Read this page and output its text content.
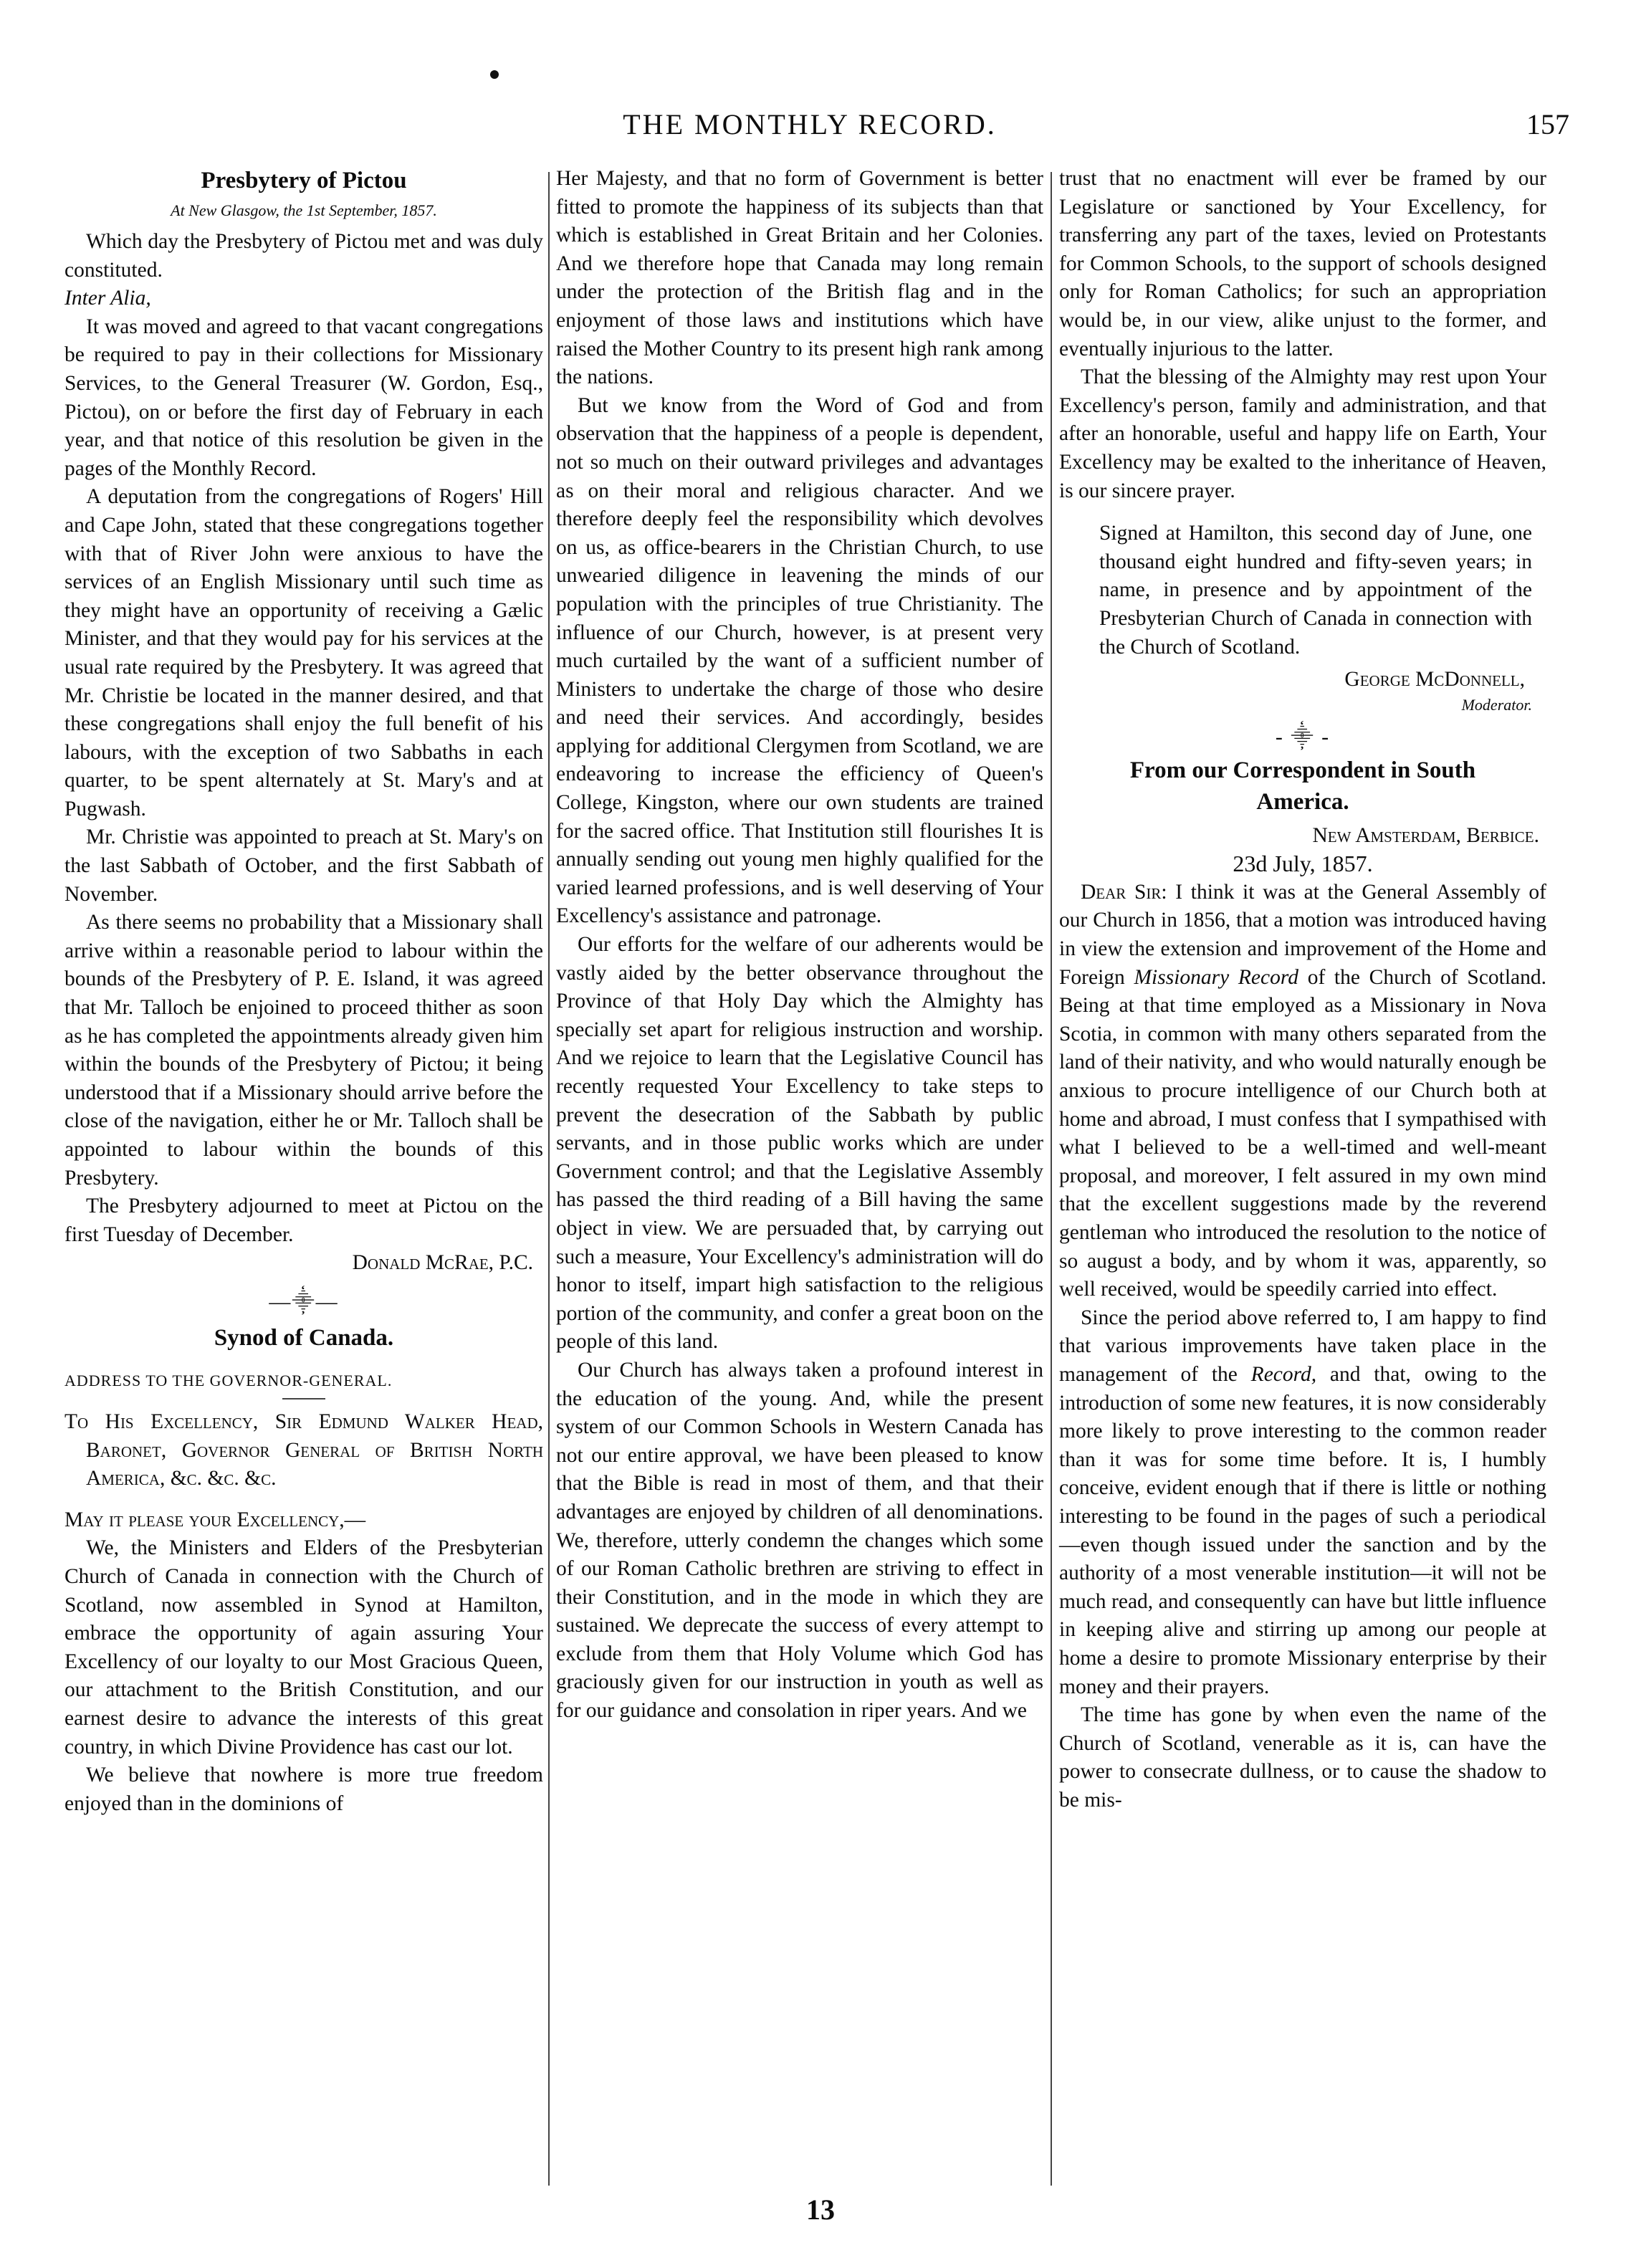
THE MONTHLY RECORD.	157

Presbytery of Pictou

At New Glasgow, the 1st September, 1857.

Which day the Presbytery of Pictou met and was duly constituted.

Inter Alia,

It was moved and agreed to that vacant congregations be required to pay in their collections for Missionary Services, to the General Treasurer (W. Gordon, Esq., Pictou), on or before the first day of February in each year, and that notice of this resolution be given in the pages of the Monthly Record.

A deputation from the congregations of Rogers' Hill and Cape John, stated that these congregations together with that of River John were anxious to have the services of an English Missionary until such time as they might have an opportunity of receiving a Gælic Minister, and that they would pay for his services at the usual rate required by the Presbytery. It was agreed that Mr. Christie be located in the manner desired, and that these congregations shall enjoy the full benefit of his labours, with the exception of two Sabbaths in each quarter, to be spent alternately at St. Mary's and at Pugwash.

Mr. Christie was appointed to preach at St. Mary's on the last Sabbath of October, and the first Sabbath of November.

As there seems no probability that a Missionary shall arrive within a reasonable period to labour within the bounds of the Presbytery of P. E. Island, it was agreed that Mr. Talloch be enjoined to proceed thither as soon as he has completed the appointments already given him within the bounds of the Presbytery of Pictou; it being understood that if a Missionary should arrive before the close of the navigation, either he or Mr. Talloch shall be appointed to labour within the bounds of this Presbytery.

The Presbytery adjourned to meet at Pictou on the first Tuesday of December.

Donald McRae, P.C.

—⸎—

Synod of Canada.

ADDRESS TO THE GOVERNOR-GENERAL.

To His Excellency, Sir Edmund Walker Head, Baronet, Governor General of British North America, &c. &c. &c.

May it please your Excellency,—

We, the Ministers and Elders of the Presbyterian Church of Canada in connection with the Church of Scotland, now assembled in Synod at Hamilton, embrace the opportunity of again assuring Your Excellency of our loyalty to our Most Gracious Queen, our attachment to the British Constitution, and our earnest desire to advance the interests of this great country, in which Divine Providence has cast our lot.

We believe that nowhere is more true freedom enjoyed than in the dominions of

Her Majesty, and that no form of Government is better fitted to promote the happiness of its subjects than that which is established in Great Britain and her Colonies. And we therefore hope that Canada may long remain under the protection of the British flag and in the enjoyment of those laws and institutions which have raised the Mother Country to its present high rank among the nations.

But we know from the Word of God and from observation that the happiness of a people is dependent, not so much on their outward privileges and advantages as on their moral and religious character. And we therefore deeply feel the responsibility which devolves on us, as office-bearers in the Christian Church, to use unwearied diligence in leavening the minds of our population with the principles of true Christianity. The influence of our Church, however, is at present very much curtailed by the want of a sufficient number of Ministers to undertake the charge of those who desire and need their services. And accordingly, besides applying for additional Clergymen from Scotland, we are endeavoring to increase the efficiency of Queen's College, Kingston, where our own students are trained for the sacred office. That Institution still flourishes It is annually sending out young men highly qualified for the varied learned professions, and is well deserving of Your Excellency's assistance and patronage.

Our efforts for the welfare of our adherents would be vastly aided by the better observance throughout the Province of that Holy Day which the Almighty has specially set apart for religious instruction and worship. And we rejoice to learn that the Legislative Council has recently requested Your Excellency to take steps to prevent the desecration of the Sabbath by public servants, and in those public works which are under Government control; and that the Legislative Assembly has passed the third reading of a Bill having the same object in view. We are persuaded that, by carrying out such a measure, Your Excellency's administration will do honor to itself, impart high satisfaction to the religious portion of the community, and confer a great boon on the people of this land.

Our Church has always taken a profound interest in the education of the young. And, while the present system of our Common Schools in Western Canada has not our entire approval, we have been pleased to know that the Bible is read in most of them, and that their advantages are enjoyed by children of all denominations. We, therefore, utterly condemn the changes which some of our Roman Catholic brethren are striving to effect in their Constitution, and in the mode in which they are sustained. We deprecate the success of every attempt to exclude from them that Holy Volume which God has graciously given for our instruction in youth as well as for our guidance and consolation in riper years. And we

trust that no enactment will ever be framed by our Legislature or sanctioned by Your Excellency, for transferring any part of the taxes, levied on Protestants for Common Schools, to the support of schools designed only for Roman Catholics; for such an appropriation would be, in our view, alike unjust to the former, and eventually injurious to the latter.

That the blessing of the Almighty may rest upon Your Excellency's person, family and administration, and that after an honorable, useful and happy life on Earth, Your Excellency may be exalted to the inheritance of Heaven, is our sincere prayer.

Signed at Hamilton, this second day of June, one thousand eight hundred and fifty-seven years; in name, in presence and by appointment of the Presbyterian Church of Canada in connection with the Church of Scotland.

George McDonnell,

Moderator.

- ⸎ -

From our Correspondent in South America.

New Amsterdam, Berbice.

23d July, 1857.

Dear Sir: I think it was at the General Assembly of our Church in 1856, that a motion was introduced having in view the extension and improvement of the Home and Foreign Missionary Record of the Church of Scotland. Being at that time employed as a Missionary in Nova Scotia, in common with many others separated from the land of their nativity, and who would naturally enough be anxious to procure intelligence of our Church both at home and abroad, I must confess that I sympathised with what I believed to be a well-timed and well-meant proposal, and moreover, I felt assured in my own mind that the excellent suggestions made by the reverend gentleman who introduced the resolution to the notice of so august a body, and by whom it was, apparently, so well received, would be speedily carried into effect.

Since the period above referred to, I am happy to find that various improvements have taken place in the management of the Record, and that, owing to the introduction of some new features, it is now considerably more likely to prove interesting to the common reader than it was for some time before. It is, I humbly conceive, evident enough that if there is little or nothing interesting to be found in the pages of such a periodical —even though issued under the sanction and by the authority of a most venerable institution—it will not be much read, and consequently can have but little influence in keeping alive and stirring up among our people at home a desire to promote Missionary enterprise by their money and their prayers.

The time has gone by when even the name of the Church of Scotland, venerable as it is, can have the power to consecrate dullness, or to cause the shadow to be mis-

13
